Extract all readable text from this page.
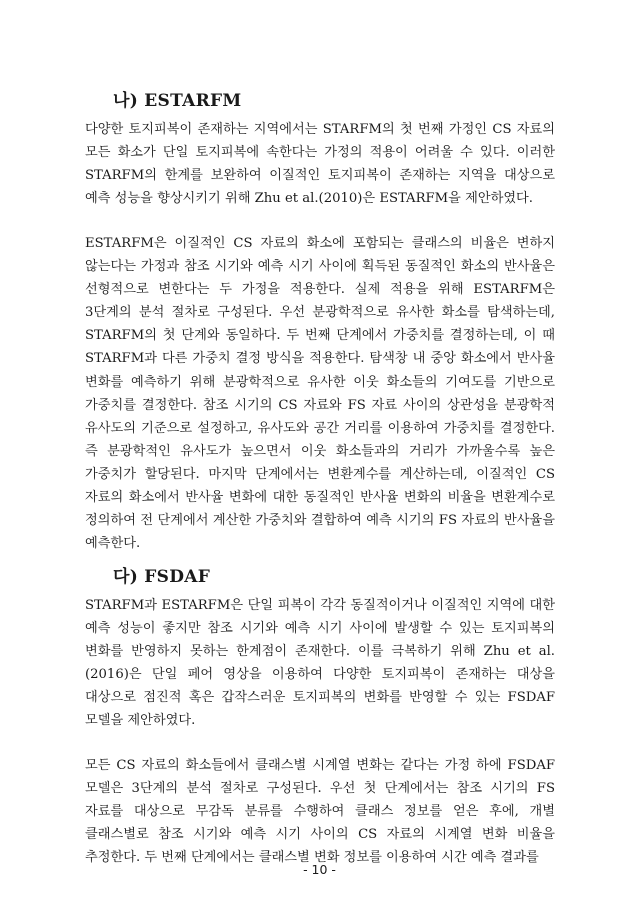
나) ESTARFM

다양한 토지피복이 존재하는 지역에서는 STARFM의 첫 번째 가정인 CS 자료의 모든 화소가 단일 토지피복에 속한다는 가정의 적용이 어려울 수 있다. 이러한 STARFM의 한계를 보완하여 이질적인 토지피복이 존재하는 지역을 대상으로 예측 성능을 향상시키기 위해 Zhu et al.(2010)은 ESTARFM을 제안하였다.

ESTARFM은 이질적인 CS 자료의 화소에 포함되는 클래스의 비율은 변하지 않는다는 가정과 참조 시기와 예측 시기 사이에 획득된 동질적인 화소의 반사율은 선형적으로 변한다는 두 가정을 적용한다. 실제 적용을 위해 ESTARFM은 3단계의 분석 절차로 구성된다. 우선 분광학적으로 유사한 화소를 탐색하는데, STARFM의 첫 단계와 동일하다. 두 번째 단계에서 가중치를 결정하는데, 이 때 STARFM과 다른 가중치 결정 방식을 적용한다. 탐색창 내 중앙 화소에서 반사율 변화를 예측하기 위해 분광학적으로 유사한 이웃 화소들의 기여도를 기반으로 가중치를 결정한다. 참조 시기의 CS 자료와 FS 자료 사이의 상관성을 분광학적 유사도의 기준으로 설정하고, 유사도와 공간 거리를 이용하여 가중치를 결정한다. 즉 분광학적인 유사도가 높으면서 이웃 화소들과의 거리가 가까울수록 높은 가중치가 할당된다. 마지막 단계에서는 변환계수를 계산하는데, 이질적인 CS 자료의 화소에서 반사율 변화에 대한 동질적인 반사율 변화의 비율을 변환계수로 정의하여 전 단계에서 계산한 가중치와 결합하여 예측 시기의 FS 자료의 반사율을 예측한다.

다) FSDAF

STARFM과 ESTARFM은 단일 피복이 각각 동질적이거나 이질적인 지역에 대한 예측 성능이 좋지만 참조 시기와 예측 시기 사이에 발생할 수 있는 토지피복의 변화를 반영하지 못하는 한계점이 존재한다. 이를 극복하기 위해 Zhu et al.(2016)은 단일 페어 영상을 이용하여 다양한 토지피복이 존재하는 대상을 대상으로 점진적 혹은 갑작스러운 토지피복의 변화를 반영할 수 있는 FSDAF 모델을 제안하였다.

모든 CS 자료의 화소들에서 클래스별 시계열 변화는 같다는 가정 하에 FSDAF 모델은 3단계의 분석 절차로 구성된다. 우선 첫 단계에서는 참조 시기의 FS 자료를 대상으로 무감독 분류를 수행하여 클래스 정보를 얻은 후에, 개별 클래스별로 참조 시기와 예측 시기 사이의 CS 자료의 시계열 변화 비율을 추정한다. 두 번째 단계에서는 클래스별 변화 정보를 이용하여 시간 예측 결과를

- 10 -
